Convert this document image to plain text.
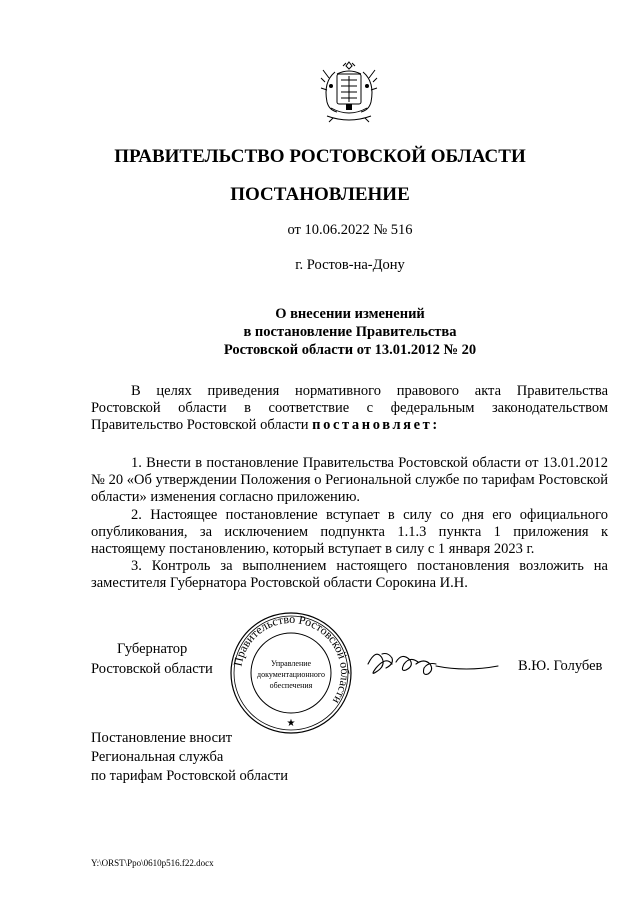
ПРАВИТЕЛЬСТВО РОСТОВСКОЙ ОБЛАСТИ
ПОСТАНОВЛЕНИЕ
от 10.06.2022 № 516
г. Ростов-на-Дону
О внесении изменений
в постановление Правительства
Ростовской области от 13.01.2012 № 20

В целях приведения нормативного правового акта Правительства Ростовской области в соответствие с федеральным законодательством Правительство Ростовской области постановляет:

1. Внести в постановление Правительства Ростовской области от 13.01.2012 № 20 «Об утверждении Положения о Региональной службе по тарифам Ростовской области» изменения согласно приложению.

2. Настоящее постановление вступает в силу со дня его официального опубликования, за исключением подпункта 1.1.3 пункта 1 приложения к настоящему постановлению, который вступает в силу с 1 января 2023 г.

3. Контроль за выполнением настоящего постановления возложить на заместителя Губернатора Ростовской области Сорокина И.Н.

Губернатор
Ростовской области Правительство Ростовской области
Управление
документационного
обеспечения
★
В.Ю. Голубев
Постановление вносит
Региональная служба
по тарифам Ростовской области
Y:\ORST\Ppo\0610p516.f22.docx
